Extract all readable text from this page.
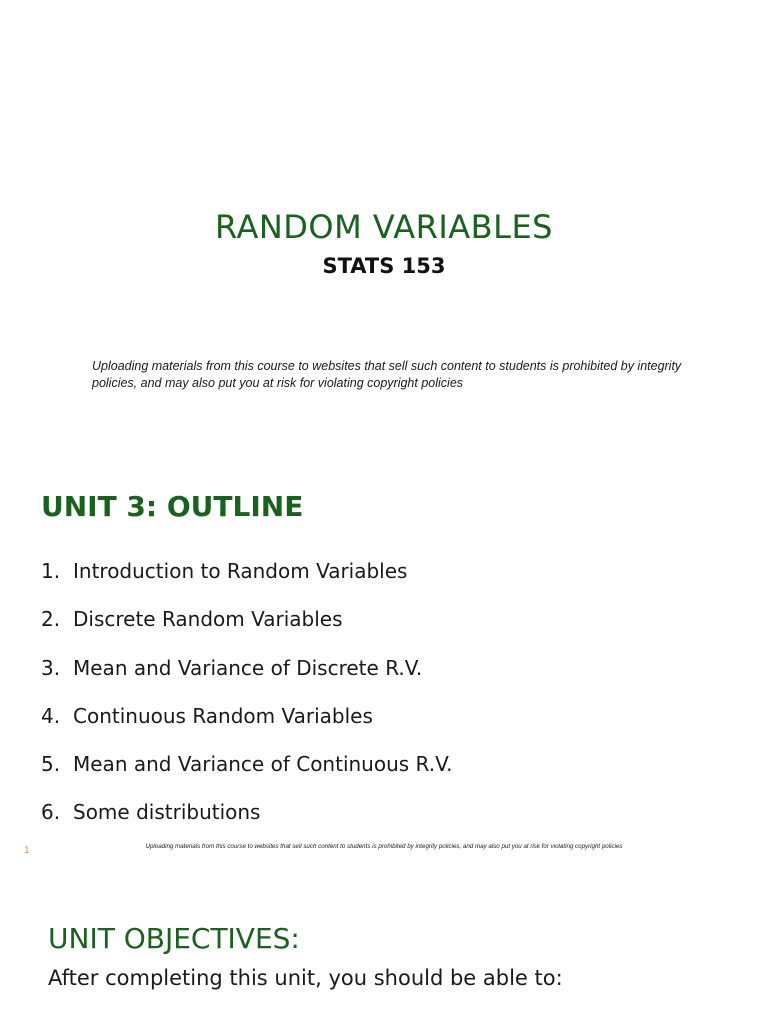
RANDOM VARIABLES
STATS 153

Uploading materials from this course to websites that sell such content to students is prohibited by integrity policies, and may also put you at risk for violating copyright policies

UNIT 3: OUTLINE
1. Introduction to Random Variables
2. Discrete Random Variables
3. Mean and Variance of Discrete R.V.
4. Continuous Random Variables
5. Mean and Variance of Continuous R.V.
6. Some distributions
1	Uploading materials from this course to websites that sell such content to students is prohibited by integrity policies, and may also put you at risk for violating copyright policies
UNIT OBJECTIVES:

After completing this unit, you should be able to:
